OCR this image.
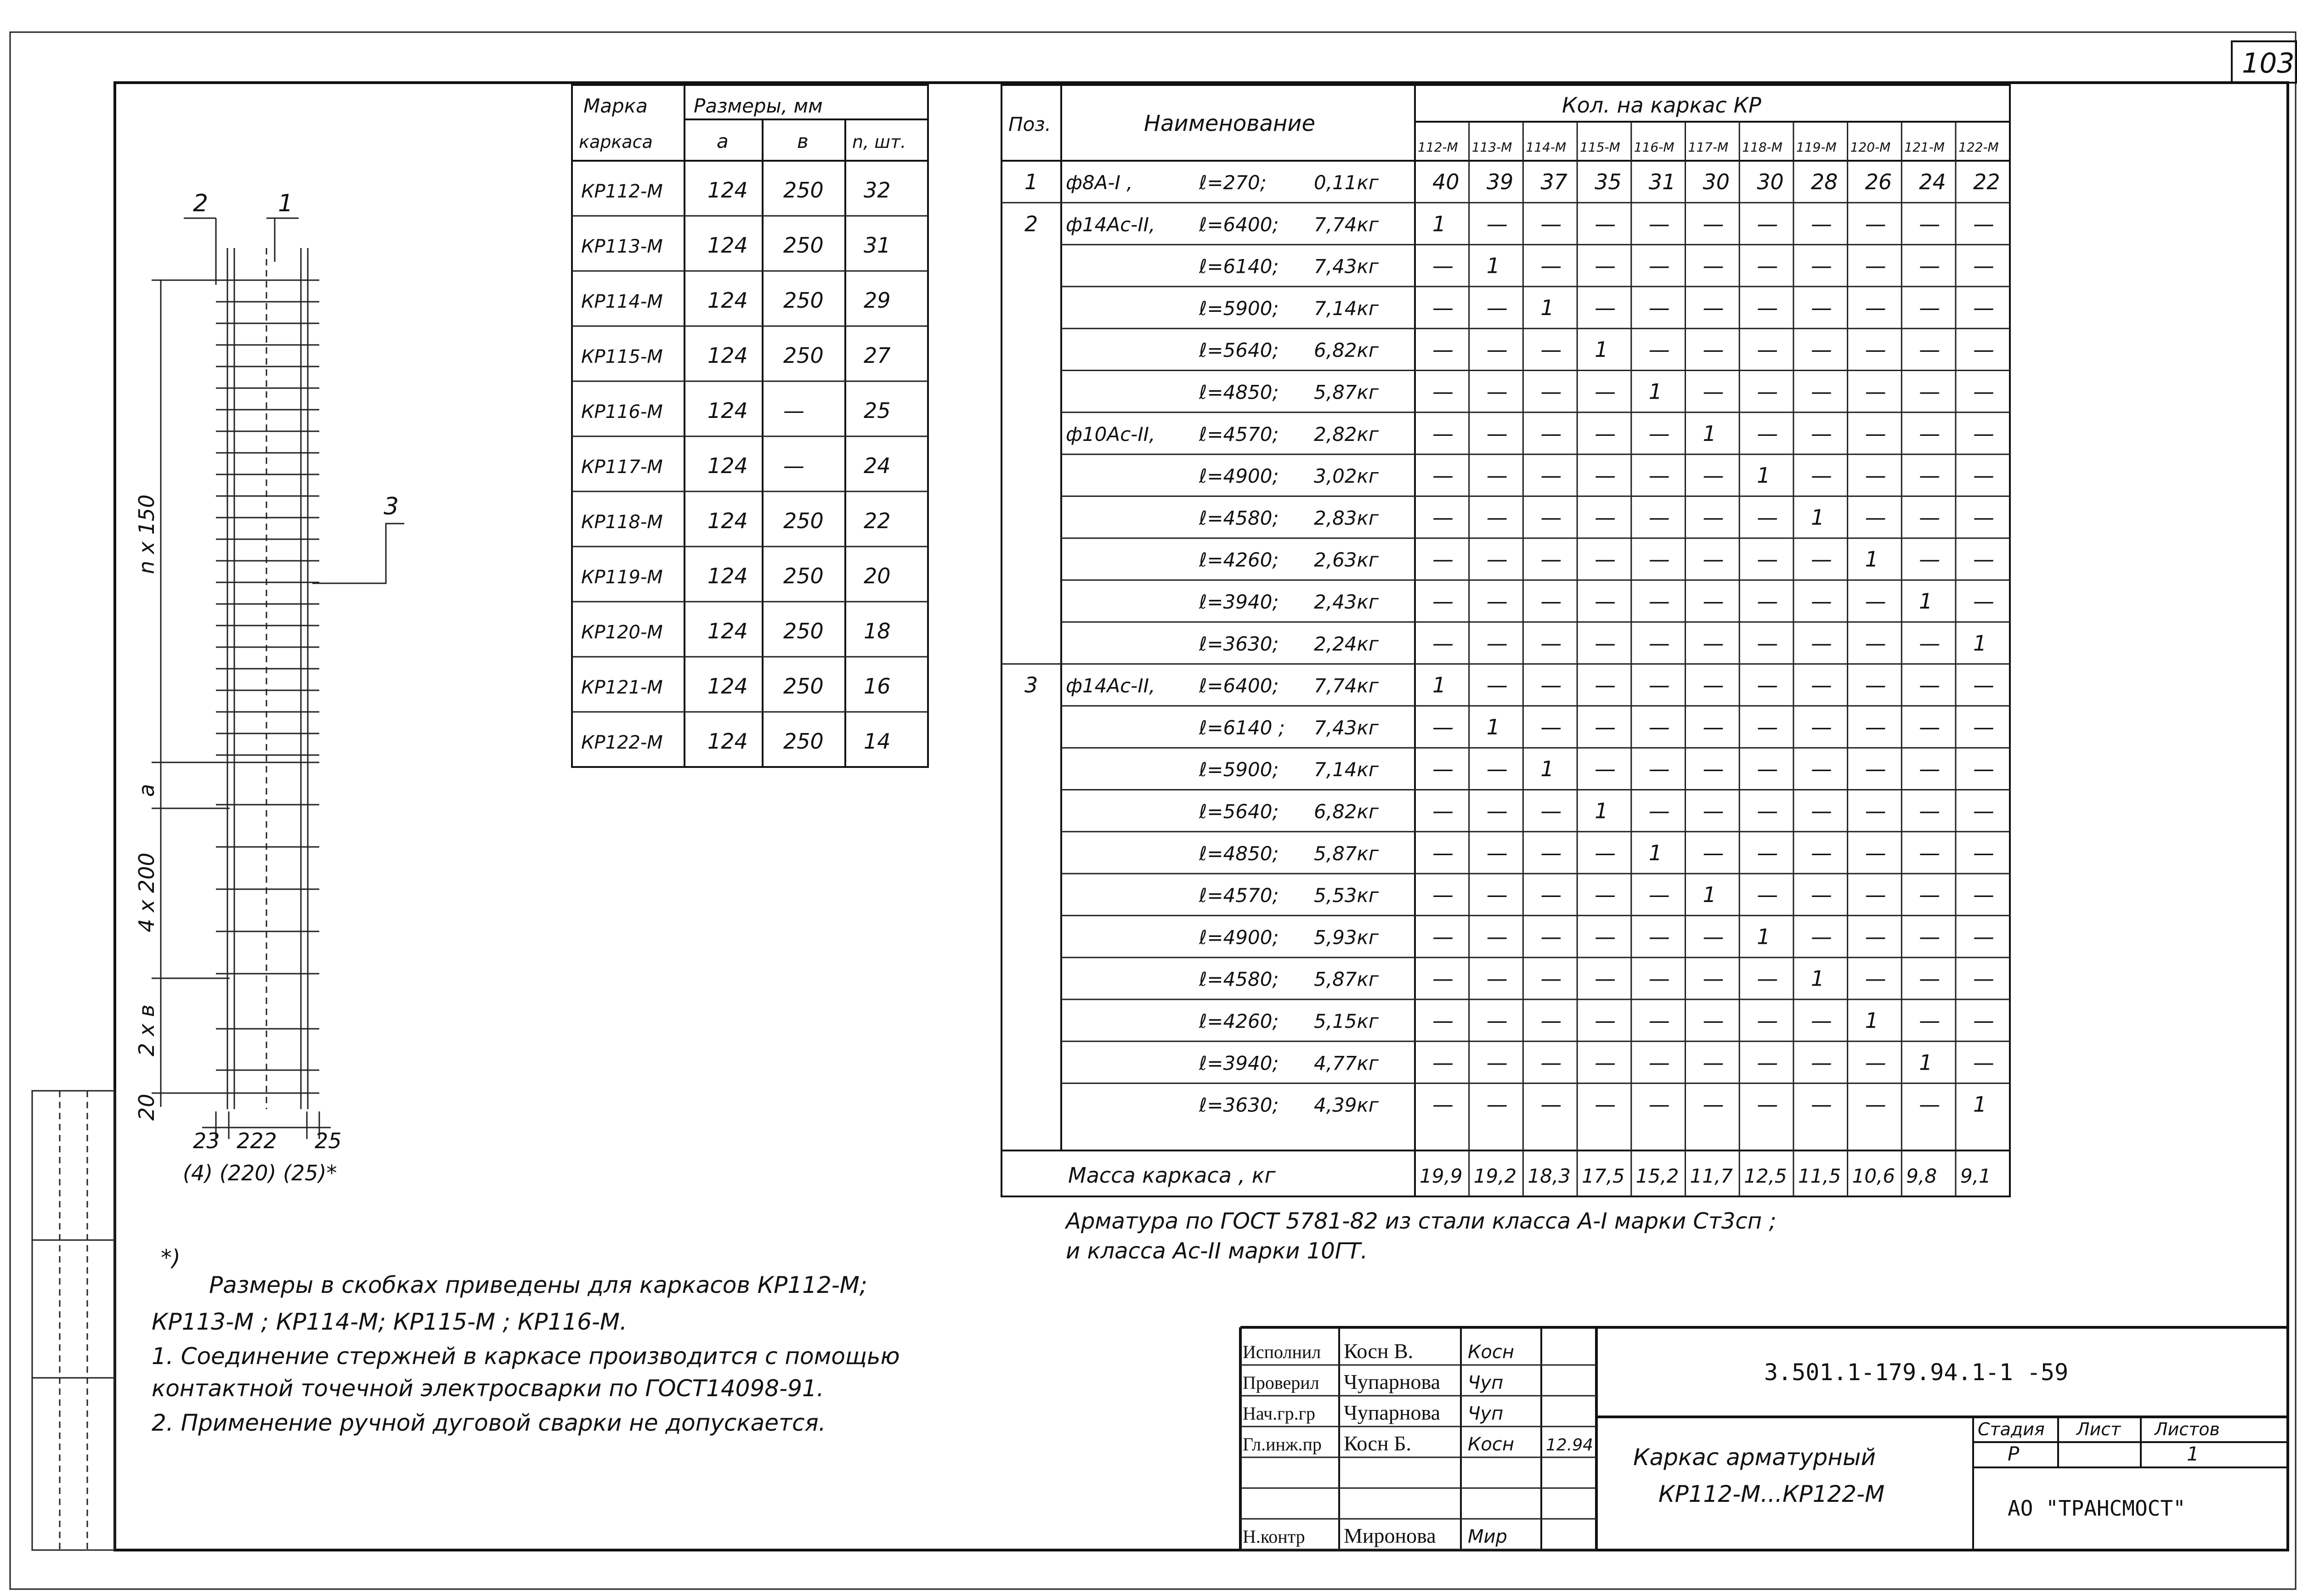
103
2	1
3
n x 150
a
4 x 200
2 x в
20
23 222 25
(4) (220) (25)*
Марка
каркаса
Размеры, мм
а	в	n, шт.
КР112-М 124 250 32
КР113-М 124 250 31
КР114-М 124 250 29
КР115-М 124 250 27
КР116-М 124 —	25
КР117-М 124 —	24
КР118-М 124 250 22
КР119-М 124 250 20
КР120-М 124 250 18
КР121-М 124 250 16
КР122-М 124 250 14
Поз.	Наименование
Кол. на каркас КР
112-М 113-М 114-М 115-М 116-М 117-М 118-М 119-М 120-М 121-М 122-М
1 ф8А-I ,	ℓ=270; 0,11кг	40 39 37 35 31 30 30 28 26 24 22
2 ф14Ас-II, ℓ=6400; 7,74кг	1 — — — — — — — — — —
ℓ=6140; 7,43кг	— 1 — — — — — — — — —
ℓ=5900; 7,14кг	— — 1 — — — — — — — —
ℓ=5640; 6,82кг	— — — 1 — — — — — — —
ℓ=4850; 5,87кг	— — — — 1 — — — — — —
ф10Ас-II, ℓ=4570; 2,82кг	— — — — — 1 — — — — —
ℓ=4900; 3,02кг	— — — — — — 1 — — — —
ℓ=4580; 2,83кг	— — — — — — — 1 — — —
ℓ=4260; 2,63кг	— — — — — — — — 1 — —
ℓ=3940; 2,43кг	— — — — — — — — — 1 —
ℓ=3630; 2,24кг	— — — — — — — — — — 1
3 ф14Ас-II, ℓ=6400; 7,74кг	1 — — — — — — — — — —
ℓ=6140 ; 7,43кг	— 1 — — — — — — — — —
ℓ=5900; 7,14кг	— — 1 — — — — — — — —
ℓ=5640; 6,82кг	— — — 1 — — — — — — —
ℓ=4850; 5,87кг	— — — — 1 — — — — — —
ℓ=4570; 5,53кг	— — — — — 1 — — — — —
ℓ=4900; 5,93кг	— — — — — — 1 — — — —
ℓ=4580; 5,87кг	— — — — — — — 1 — — —
ℓ=4260; 5,15кг	— — — — — — — — 1 — —
ℓ=3940; 4,77кг	— — — — — — — — — 1 —
ℓ=3630; 4,39кг	— — — — — — — — — — 1
Масса каркаса , кг	19,9 19,2 18,3 17,5 15,2 11,7 12,5 11,5 10,6 9,8 9,1
Арматура по ГОСТ 5781-82 из стали класса А-I марки Ст3сп ;
и класса Ас-II марки 10ГТ.
*)
Размеры в скобках приведены для каркасов КР112-М;
КР113-М ; КР114-М; КР115-М ; КР116-М.
1. Соединение стержней в каркасе производится с помощью
контактной точечной электросварки по ГОСТ14098-91.
2. Применение ручной дуговой сварки не допускается.
Исполнил Косн В.	Косн
Проверил Чупарнова Чуп
Нач.гр.гр Чупарнова Чуп
Гл.инж.пр Косн Б.	Косн 12.94
Н.контр Миронова Мир
3.501.1-179.94.1-1 -59
Каркас арматурный
КР112-М...КР122-М
Стадия Лист Листов
Р	1
АО "ТРАНСМОСТ"
